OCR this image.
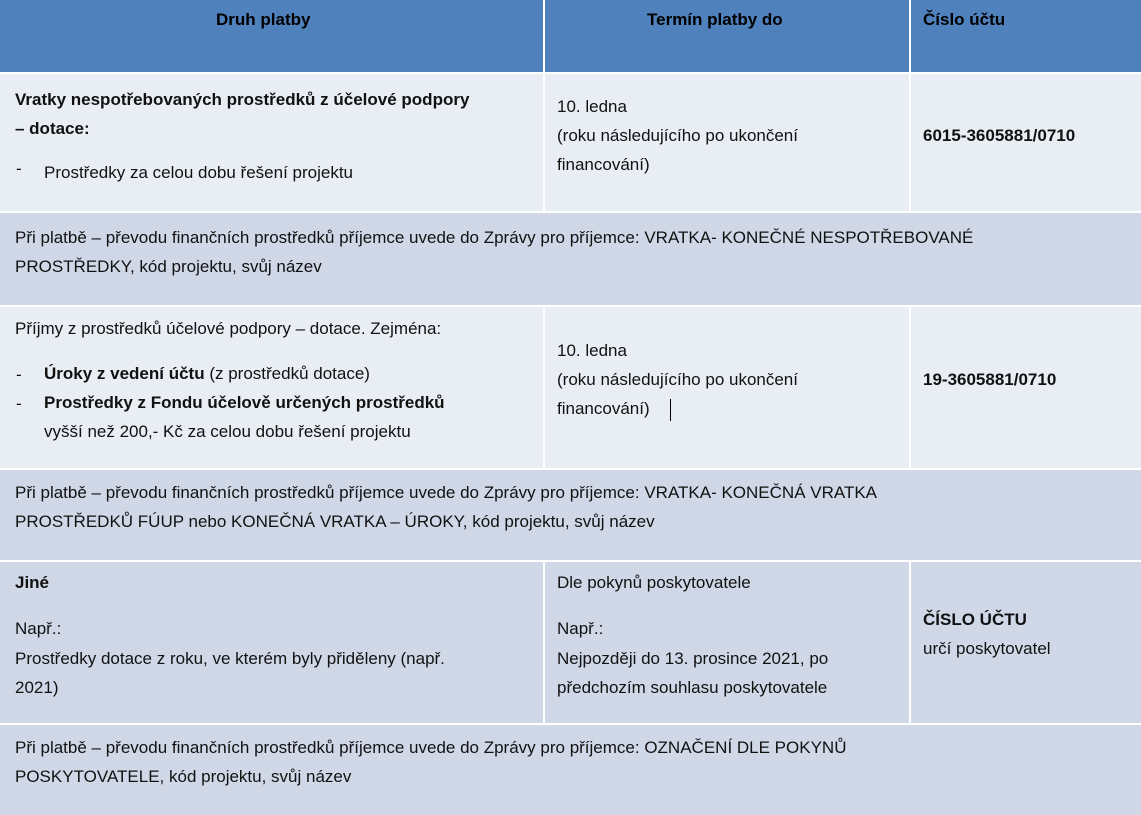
Druh platby	Termín platby do	Číslo účtu
Vratky nespotřebovaných prostředků z účelové podpory
– dotace:
- Prostředky za celou dobu řešení projektu
10. ledna
(roku následujícího po ukončení
financování)
6015-3605881/0710
Při platbě – převodu finančních prostředků příjemce uvede do Zprávy pro příjemce: VRATKA- KONEČNÉ NESPOTŘEBOVANÉ
PROSTŘEDKY, kód projektu, svůj název
Příjmy z prostředků účelové podpory – dotace. Zejména:
- Úroky z vedení účtu (z prostředků dotace)
- Prostředky z Fondu účelově určených prostředků
vyšší než 200,- Kč za celou dobu řešení projektu
10. ledna
(roku následujícího po ukončení
financování)
19-3605881/0710
Při platbě – převodu finančních prostředků příjemce uvede do Zprávy pro příjemce: VRATKA- KONEČNÁ VRATKA
PROSTŘEDKŮ FÚUP nebo KONEČNÁ VRATKA – ÚROKY, kód projektu, svůj název
Jiné
Např.:
Prostředky dotace z roku, ve kterém byly přiděleny (např.
2021)
Dle pokynů poskytovatele
Např.:
Nejpozději do 13. prosince 2021, po
předchozím souhlasu poskytovatele
ČÍSLO ÚČTU
určí poskytovatel
Při platbě – převodu finančních prostředků příjemce uvede do Zprávy pro příjemce: OZNAČENÍ DLE POKYNŮ
POSKYTOVATELE, kód projektu, svůj název
